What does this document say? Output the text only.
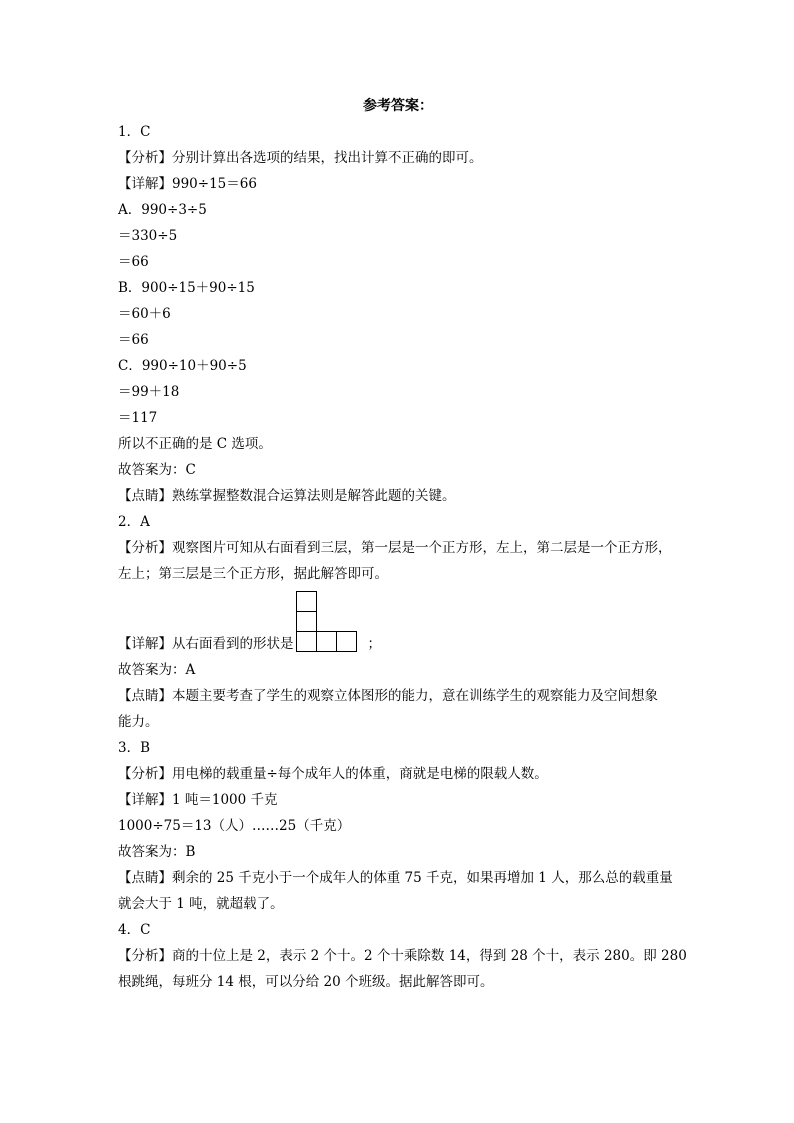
参考答案：
1．C
【分析】分别计算出各选项的结果，找出计算不正确的即可。
【详解】990÷15＝66
A．990÷3÷5
＝330÷5
＝66
B．900÷15＋90÷15
＝60＋6
＝66
C．990÷10＋90÷5
＝99＋18
＝117
所以不正确的是 C 选项。
故答案为：C
【点睛】熟练掌握整数混合运算法则是解答此题的关键。
2．A
【分析】观察图片可知从右面看到三层，第一层是一个正方形，左上，第二层是一个正方形，
左上；第三层是三个正方形，据此解答即可。
【详解】从右面看到的形状是	；
故答案为：A
【点睛】本题主要考查了学生的观察立体图形的能力，意在训练学生的观察能力及空间想象
能力。
3．B
【分析】用电梯的载重量÷每个成年人的体重，商就是电梯的限载人数。
【详解】1 吨＝1000 千克
1000÷75＝13（人）……25（千克）
故答案为：B
【点睛】剩余的 25 千克小于一个成年人的体重 75 千克，如果再增加 1 人，那么总的载重量
就会大于 1 吨，就超载了。
4．C
【分析】商的十位上是 2，表示 2 个十。2 个十乘除数 14，得到 28 个十，表示 280。即 280
根跳绳，每班分 14 根，可以分给 20 个班级。据此解答即可。
